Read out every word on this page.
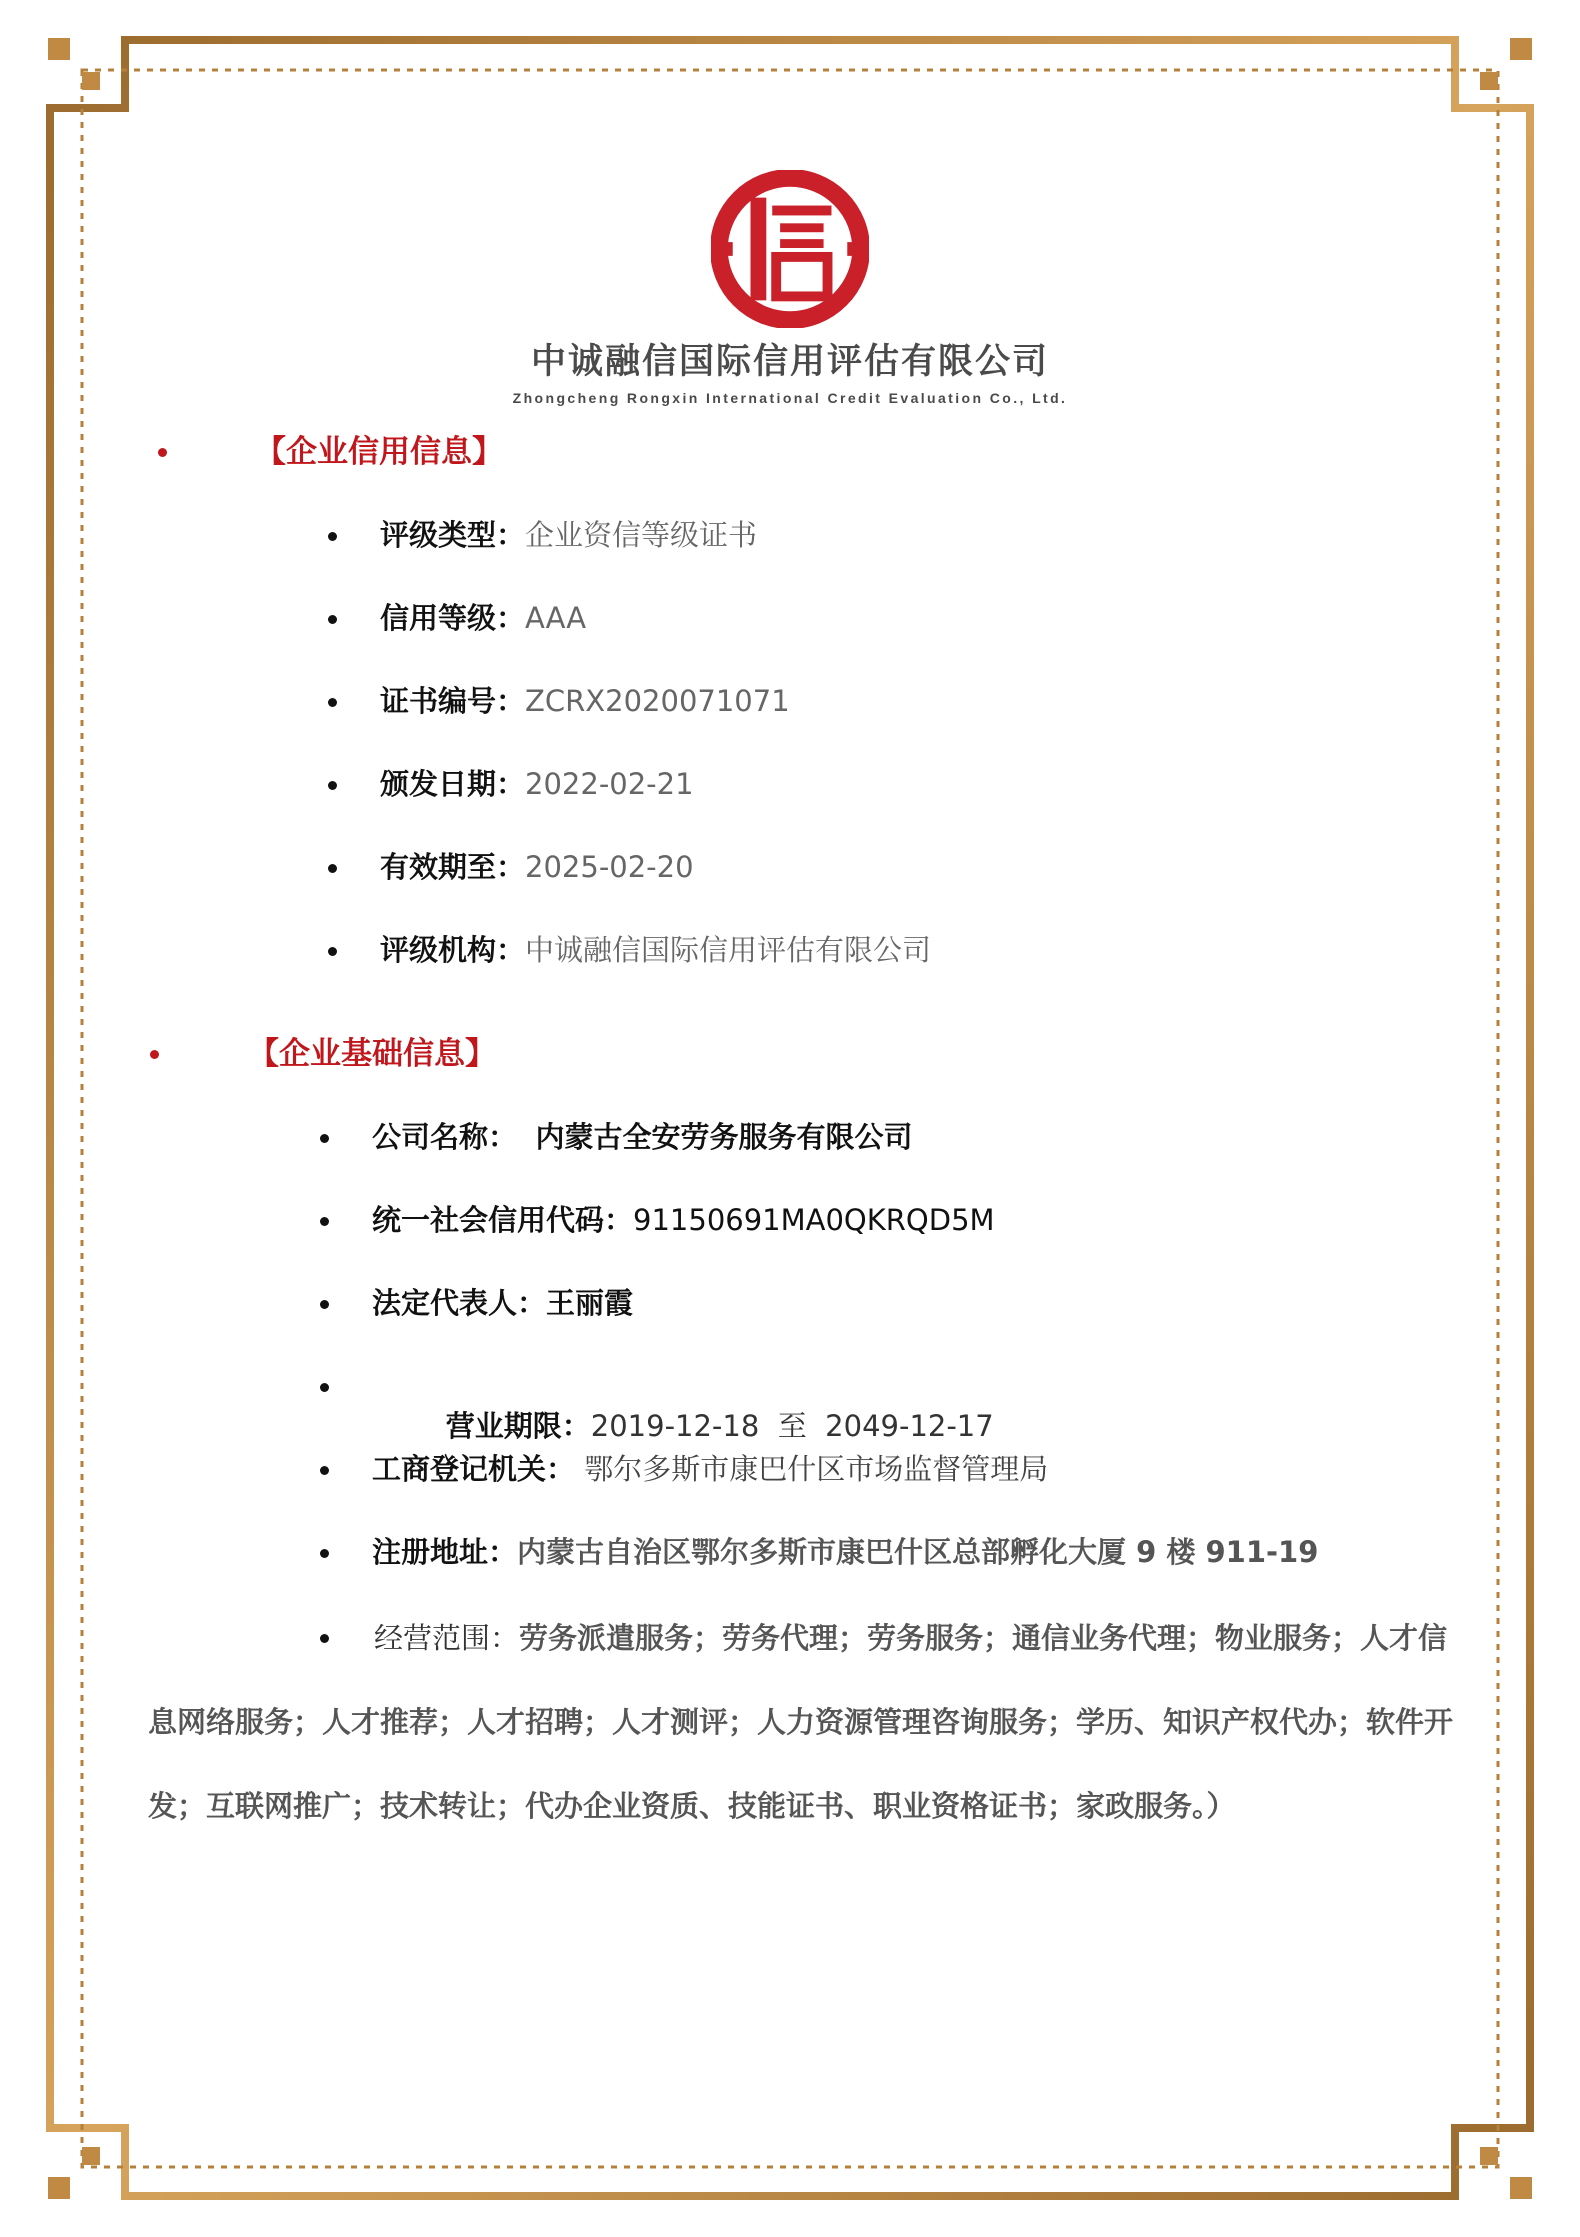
中诚融信国际信用评估有限公司
Zhongcheng Rongxin International Credit Evaluation Co., Ltd.
【企业信用信息】
评级类型：企业资信等级证书
信用等级：AAA
证书编号：ZCRX2020071071
颁发日期：2022-02-21
有效期至：2025-02-20
评级机构：中诚融信国际信用评估有限公司
【企业基础信息】
公司名称： 内蒙古全安劳务服务有限公司
统一社会信用代码：91150691MA0QKRQD5M
法定代表人：王丽霞

营业期限：2019-12-18  至  2049-12-17

工商登记机关： 鄂尔多斯市康巴什区市场监督管理局
注册地址：内蒙古自治区鄂尔多斯市康巴什区总部孵化大厦 9 楼 911-19
经营范围：劳务派遣服务；劳务代理；劳务服务；通信业务代理；物业服务；人才信息网络服务；人才推荐；人才招聘；人才测评；人力资源管理咨询服务；学历、知识产权代办；软件开发；互联网推广；技术转让；代办企业资质、技能证书、职业资格证书；家政服务。）
